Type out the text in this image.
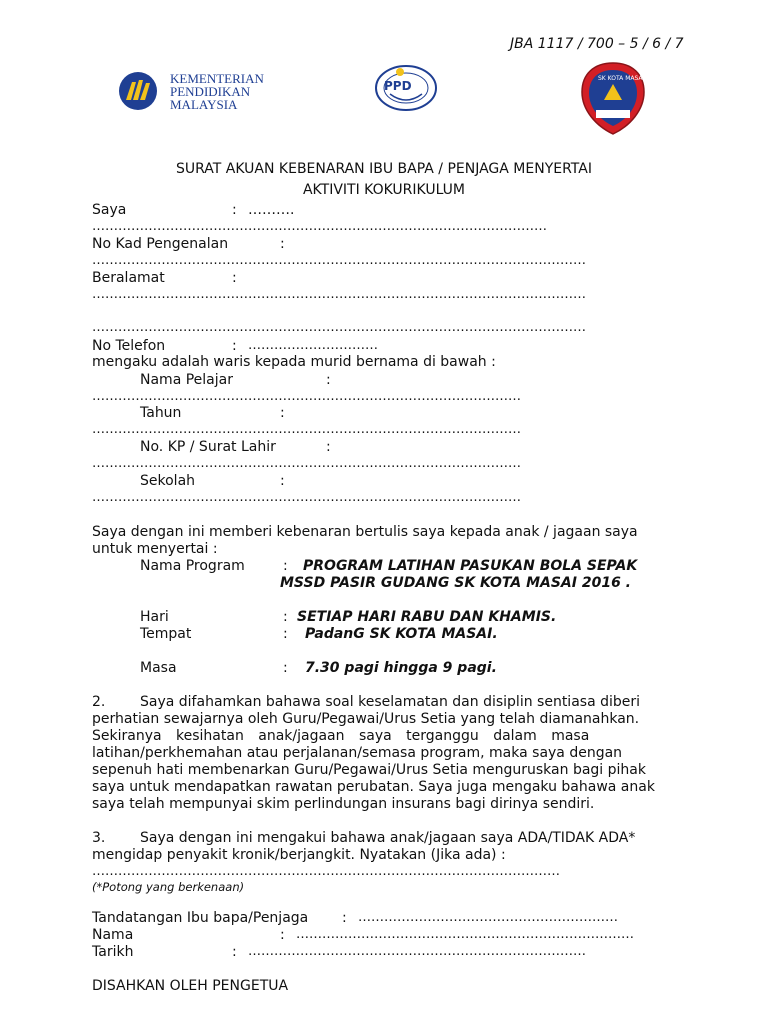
JBA 1117 / 700 – 5 / 6 / 7
KEMENTERIAN
PENDIDIKAN
MALAYSIA
PPD
SK KOTA MASAI
SURAT AKUAN KEBENARAN IBU BAPA / PENJAGA MENYERTAI
AKTIVITI KOKURIKULUM
Saya	: ……….
……………………………………………………………………………………………
No Kad Pengenalan	:
……………………………………………………………………………………………………
Beralamat	:
……………………………………………………………………………………………………
……………………………………………………………………………………………………
No Telefon	: …………………………
mengaku adalah waris kepada murid bernama di bawah :
Nama Pelajar	:
………………………………………………………………………………………
Tahun	:
………………………………………………………………………………………
No. KP / Surat Lahir	:
………………………………………………………………………………………
Sekolah	:
………………………………………………………………………………………
Saya dengan ini memberi kebenaran bertulis saya kepada anak / jagaan saya
untuk menyertai :
Nama Program	: PROGRAM LATIHAN PASUKAN BOLA SEPAK
MSSD PASIR GUDANG SK KOTA MASAI 2016 .
Hari	: SETIAP HARI RABU DAN KHAMIS.
Tempat	: PadanG SK KOTA MASAI.
Masa	: 7.30 pagi hingga 9 pagi.
2. Saya difahamkan bahawa soal keselamatan dan disiplin sentiasa diberi
perhatian sewajarnya oleh Guru/Pegawai/Urus Setia yang telah diamanahkan.
Sekiranya kesihatan anak/jagaan saya terganggu dalam masa
latihan/perkhemahan atau perjalanan/semasa program, maka saya dengan
sepenuh hati membenarkan Guru/Pegawai/Urus Setia menguruskan bagi pihak
saya untuk mendapatkan rawatan perubatan. Saya juga mengaku bahawa anak
saya telah mempunyai skim perlindungan insurans bagi dirinya sendiri.
3. Saya dengan ini mengakui bahawa anak/jagaan saya ADA/TIDAK ADA*
mengidap penyakit kronik/berjangkit. Nyatakan (Jika ada) :
………………………………………………………………………………………………
(*Potong yang berkenaan)
Tandatangan Ibu bapa/Penjaga : ……………………………………………………
Nama	: ……………………………………………………………………
Tarikh	: ……………………………………………………………………
DISAHKAN OLEH PENGETUA
